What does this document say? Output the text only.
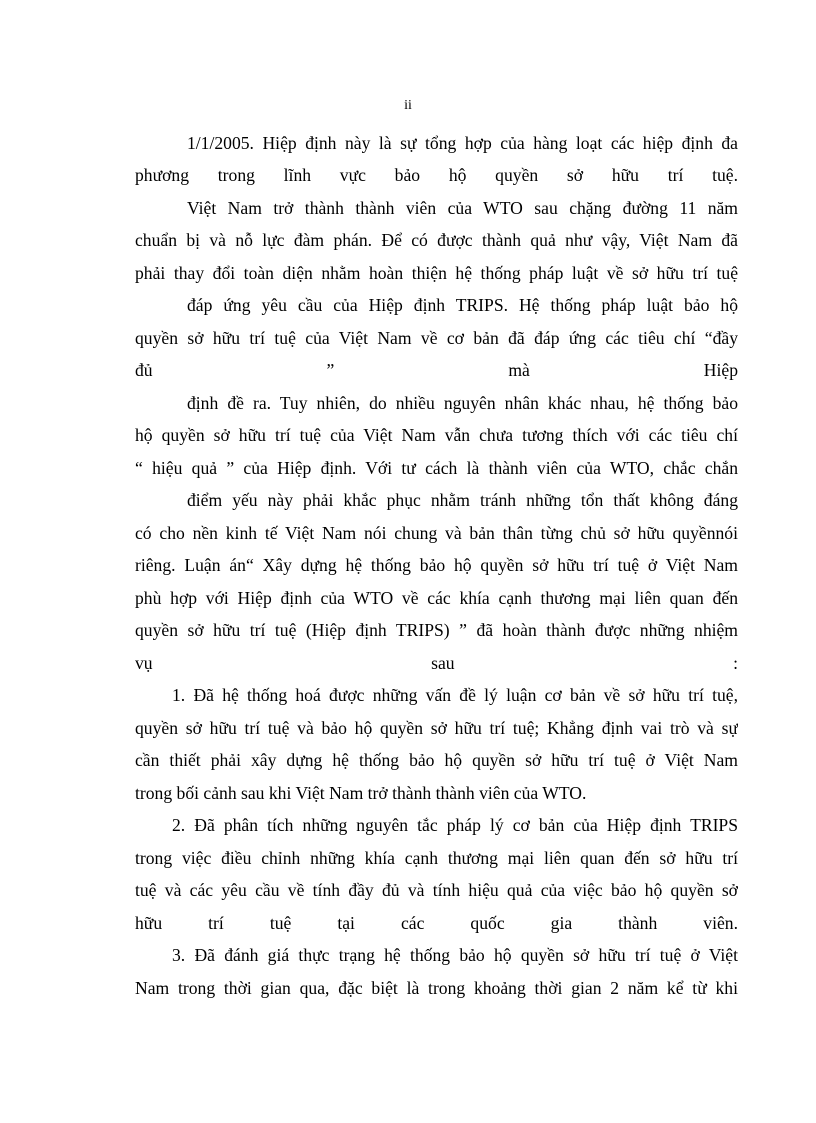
ii
1/1/2005. Hiệp định này là sự tổng hợp của hàng loạt các hiệp định đa
phương trong lĩnh vực bảo hộ quyền sở hữu trí tuệ.
Việt Nam trở thành thành viên của WTO sau chặng đường 11 năm
chuẩn bị và nỗ lực đàm phán. Để có được thành quả như vậy, Việt Nam đã
phải thay đổi toàn diện nhằm hoàn thiện hệ thống pháp luật về sở hữu trí tuệ
đáp ứng yêu cầu của Hiệp định TRIPS. Hệ thống pháp luật bảo hộ
quyền sở hữu trí tuệ của Việt Nam về cơ bản đã đáp ứng các tiêu chí “đầy
đủ ” mà Hiệp
định đề ra. Tuy nhiên, do nhiều nguyên nhân khác nhau, hệ thống bảo
hộ quyền sở hữu trí tuệ của Việt Nam vẫn chưa tương thích với các tiêu chí
“ hiệu quả ” của Hiệp định. Với tư cách là thành viên của WTO, chắc chắn
điểm yếu này phải khắc phục nhằm tránh những tổn thất không đáng
có cho nền kinh tế Việt Nam nói chung và bản thân từng chủ sở hữu quyềnnói
riêng. Luận án“ Xây dựng hệ thống bảo hộ quyền sở hữu trí tuệ ở Việt Nam
phù hợp với Hiệp định của WTO về các khía cạnh thương mại liên quan đến
quyền sở hữu trí tuệ (Hiệp định TRIPS) ” đã hoàn thành được những nhiệm
vụ sau :
1. Đã hệ thống hoá được những vấn đề lý luận cơ bản về sở hữu trí tuệ,
quyền sở hữu trí tuệ và bảo hộ quyền sở hữu trí tuệ; Khẳng định vai trò và sự
cần thiết phải xây dựng hệ thống bảo hộ quyền sở hữu trí tuệ ở Việt Nam
trong bối cảnh sau khi Việt Nam trở thành thành viên của WTO.
2. Đã phân tích những nguyên tắc pháp lý cơ bản của Hiệp định TRIPS
trong việc điều chỉnh những khía cạnh thương mại liên quan đến sở hữu trí
tuệ và các yêu cầu về tính đầy đủ và tính hiệu quả của việc bảo hộ quyền sở
hữu trí tuệ tại các quốc gia thành viên.
3. Đã đánh giá thực trạng hệ thống bảo hộ quyền sở hữu trí tuệ ở Việt
Nam trong thời gian qua, đặc biệt là trong khoảng thời gian 2 năm kể từ khi
